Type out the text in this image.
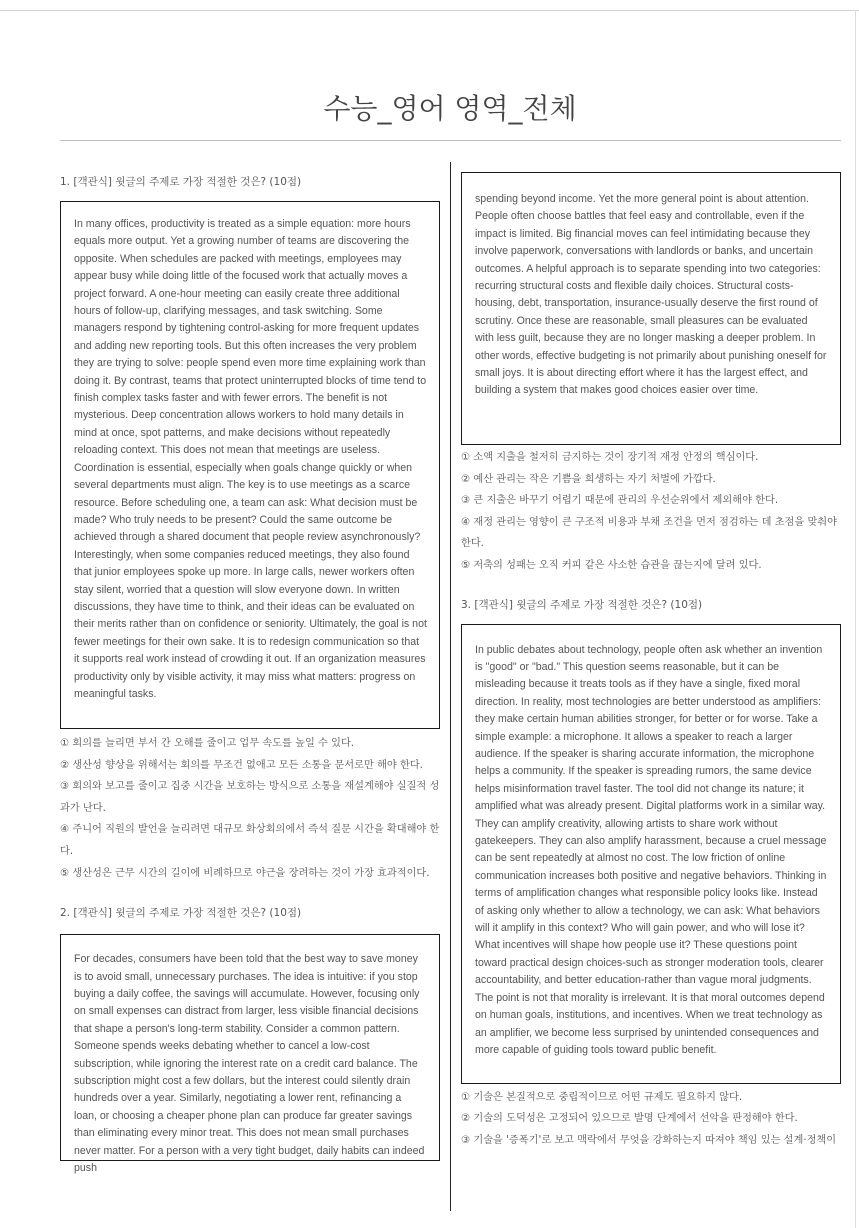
수능_영어 영역_전체

1. [객관식] 윗글의 주제로 가장 적절한 것은? (10점)

In many offices, productivity is treated as a simple equation: more hours equals more output. Yet a growing number of teams are discovering the opposite. When schedules are packed with meetings, employees may appear busy while doing little of the focused work that actually moves a project forward. A one-hour meeting can easily create three additional hours of follow-up, clarifying messages, and task switching. Some managers respond by tightening control-asking for more frequent updates and adding new reporting tools. But this often increases the very problem they are trying to solve: people spend even more time explaining work than doing it. By contrast, teams that protect uninterrupted blocks of time tend to finish complex tasks faster and with fewer errors. The benefit is not mysterious. Deep concentration allows workers to hold many details in mind at once, spot patterns, and make decisions without repeatedly reloading context. This does not mean that meetings are useless. Coordination is essential, especially when goals change quickly or when several departments must align. The key is to use meetings as a scarce resource. Before scheduling one, a team can ask: What decision must be made? Who truly needs to be present? Could the same outcome be achieved through a shared document that people review asynchronously? Interestingly, when some companies reduced meetings, they also found that junior employees spoke up more. In large calls, newer workers often stay silent, worried that a question will slow everyone down. In written discussions, they have time to think, and their ideas can be evaluated on their merits rather than on confidence or seniority. Ultimately, the goal is not fewer meetings for their own sake. It is to redesign communication so that it supports real work instead of crowding it out. If an organization measures productivity only by visible activity, it may miss what matters: progress on meaningful tasks.

① 회의를 늘리면 부서 간 오해를 줄이고 업무 속도를 높일 수 있다.
② 생산성 향상을 위해서는 회의를 무조건 없애고 모든 소통을 문서로만 해야 한다.
③ 회의와 보고를 줄이고 집중 시간을 보호하는 방식으로 소통을 재설계해야 실질적 성과가 난다.
④ 주니어 직원의 발언을 늘리려면 대규모 화상회의에서 즉석 질문 시간을 확대해야 한다.
⑤ 생산성은 근무 시간의 길이에 비례하므로 야근을 장려하는 것이 가장 효과적이다.

2. [객관식] 윗글의 주제로 가장 적절한 것은? (10점)

For decades, consumers have been told that the best way to save money is to avoid small, unnecessary purchases. The idea is intuitive: if you stop buying a daily coffee, the savings will accumulate. However, focusing only on small expenses can distract from larger, less visible financial decisions that shape a person's long-term stability. Consider a common pattern. Someone spends weeks debating whether to cancel a low-cost subscription, while ignoring the interest rate on a credit card balance. The subscription might cost a few dollars, but the interest could silently drain hundreds over a year. Similarly, negotiating a lower rent, refinancing a loan, or choosing a cheaper phone plan can produce far greater savings than eliminating every minor treat. This does not mean small purchases never matter. For a person with a very tight budget, daily habits can indeed push

spending beyond income. Yet the more general point is about attention. People often choose battles that feel easy and controllable, even if the impact is limited. Big financial moves can feel intimidating because they involve paperwork, conversations with landlords or banks, and uncertain outcomes. A helpful approach is to separate spending into two categories: recurring structural costs and flexible daily choices. Structural costs-housing, debt, transportation, insurance-usually deserve the first round of scrutiny. Once these are reasonable, small pleasures can be evaluated with less guilt, because they are no longer masking a deeper problem. In other words, effective budgeting is not primarily about punishing oneself for small joys. It is about directing effort where it has the largest effect, and building a system that makes good choices easier over time.

① 소액 지출을 철저히 금지하는 것이 장기적 재정 안정의 핵심이다.
② 예산 관리는 작은 기쁨을 희생하는 자기 처벌에 가깝다.
③ 큰 지출은 바꾸기 어렵기 때문에 관리의 우선순위에서 제외해야 한다.
④ 재정 관리는 영향이 큰 구조적 비용과 부채 조건을 먼저 점검하는 데 초점을 맞춰야 한다.
⑤ 저축의 성패는 오직 커피 같은 사소한 습관을 끊는지에 달려 있다.

3. [객관식] 윗글의 주제로 가장 적절한 것은? (10점)

In public debates about technology, people often ask whether an invention is "good" or "bad." This question seems reasonable, but it can be misleading because it treats tools as if they have a single, fixed moral direction. In reality, most technologies are better understood as amplifiers: they make certain human abilities stronger, for better or for worse. Take a simple example: a microphone. It allows a speaker to reach a larger audience. If the speaker is sharing accurate information, the microphone helps a community. If the speaker is spreading rumors, the same device helps misinformation travel faster. The tool did not change its nature; it amplified what was already present. Digital platforms work in a similar way. They can amplify creativity, allowing artists to share work without gatekeepers. They can also amplify harassment, because a cruel message can be sent repeatedly at almost no cost. The low friction of online communication increases both positive and negative behaviors. Thinking in terms of amplification changes what responsible policy looks like. Instead of asking only whether to allow a technology, we can ask: What behaviors will it amplify in this context? Who will gain power, and who will lose it? What incentives will shape how people use it? These questions point toward practical design choices-such as stronger moderation tools, clearer accountability, and better education-rather than vague moral judgments. The point is not that morality is irrelevant. It is that moral outcomes depend on human goals, institutions, and incentives. When we treat technology as an amplifier, we become less surprised by unintended consequences and more capable of guiding tools toward public benefit.

① 기술은 본질적으로 중립적이므로 어떤 규제도 필요하지 않다.
② 기술의 도덕성은 고정되어 있으므로 발명 단계에서 선악을 판정해야 한다.
③ 기술을 '증폭기'로 보고 맥락에서 무엇을 강화하는지 따져야 책임 있는 설계·정책이
